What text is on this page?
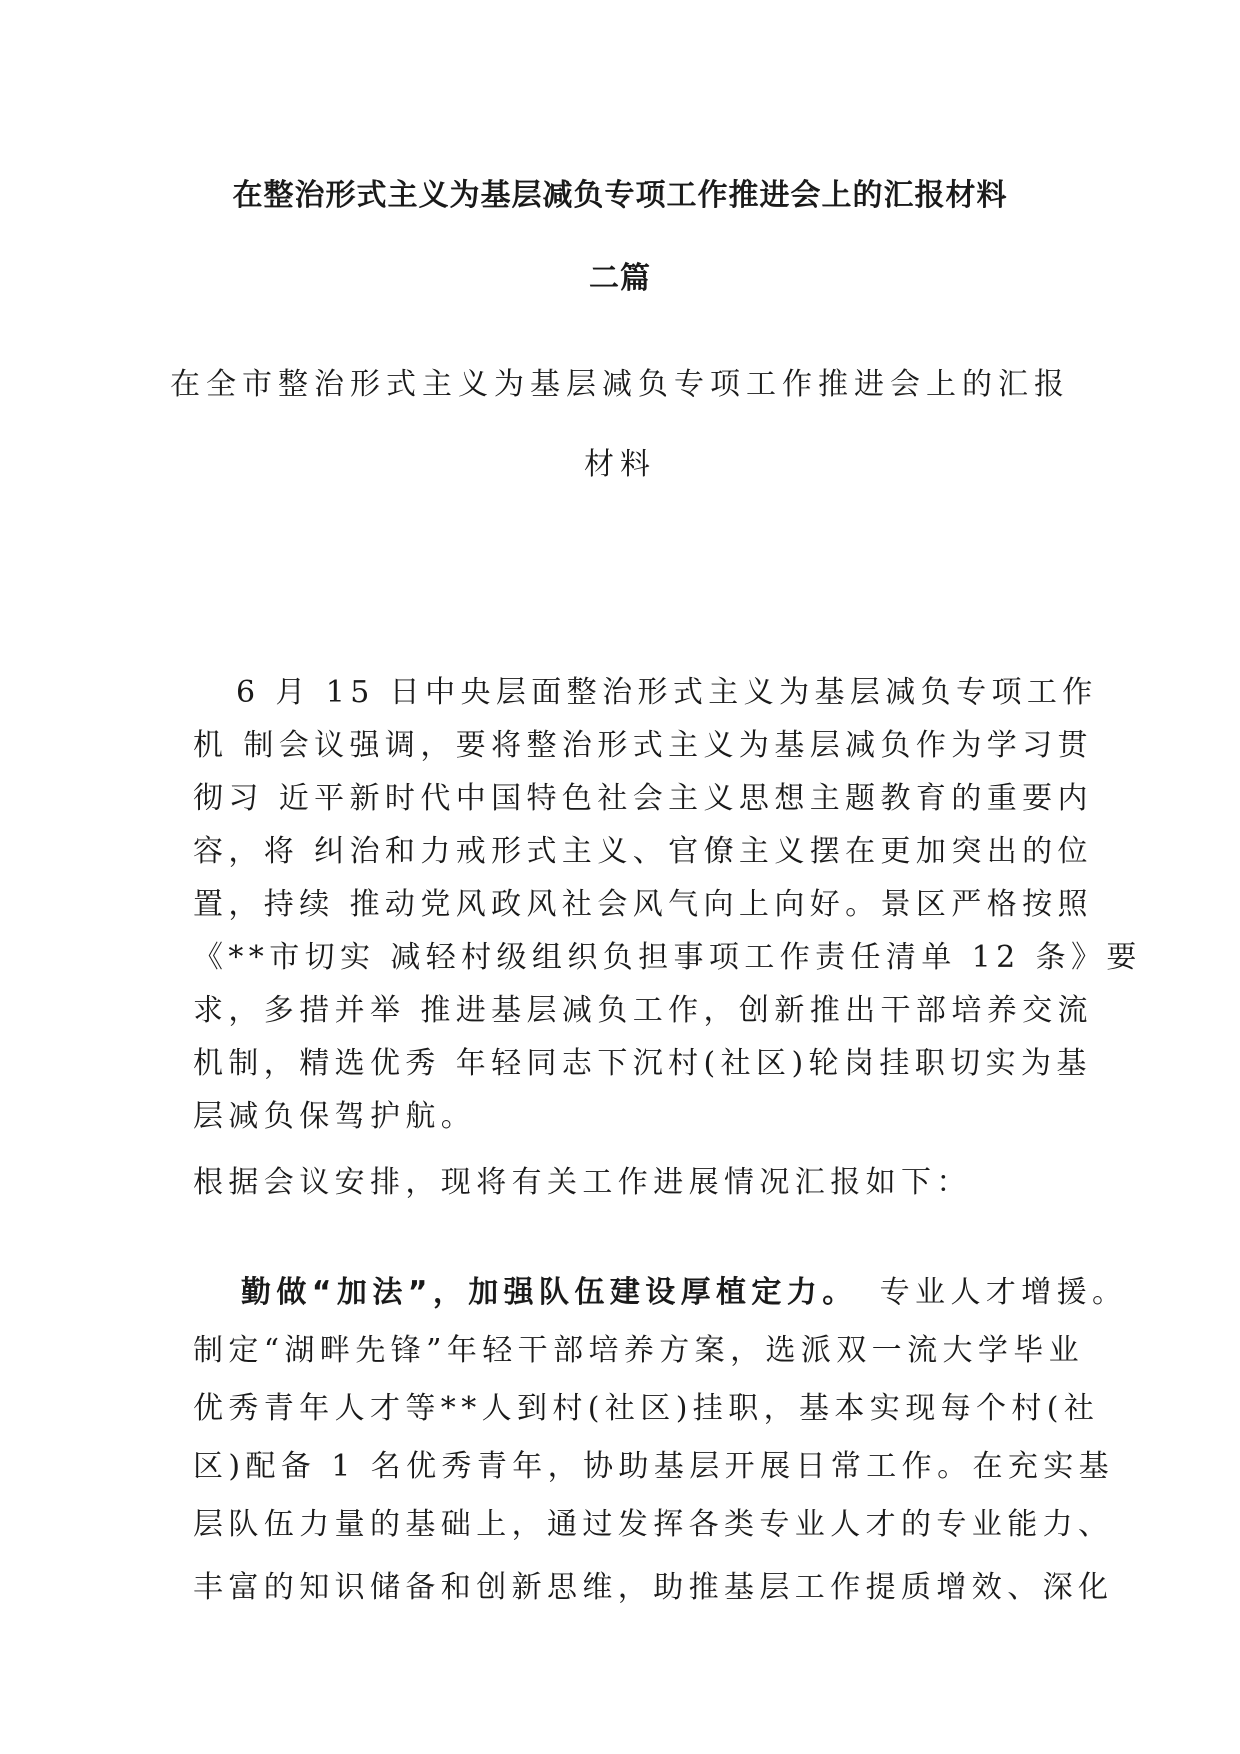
在整治形式主义为基层减负专项工作推进会上的汇报材料
二篇
在全市整治形式主义为基层减负专项工作推进会上的汇报
材料
6 月 15 日中央层面整治形式主义为基层减负专项工作
机 制会议强调，要将整治形式主义为基层减负作为学习贯
彻习 近平新时代中国特色社会主义思想主题教育的重要内
容，将 纠治和力戒形式主义、官僚主义摆在更加突出的位
置，持续 推动党风政风社会风气向上向好。景区严格按照
《**市切实 减轻村级组织负担事项工作责任清单 12 条》要
求，多措并举 推进基层减负工作，创新推出干部培养交流
机制，精选优秀 年轻同志下沉村(社区)轮岗挂职切实为基
层减负保驾护航。
根据会议安排，现将有关工作进展情况汇报如下：
勤做“加法”，加强队伍建设厚植定力。 专业人才增援。
制定“湖畔先锋”年轻干部培养方案，选派双一流大学毕业
优秀青年人才等**人到村(社区)挂职，基本实现每个村(社
区)配备 1 名优秀青年，协助基层开展日常工作。在充实基
层队伍力量的基础上，通过发挥各类专业人才的专业能力、
丰富的知识储备和创新思维，助推基层工作提质增效、深化
